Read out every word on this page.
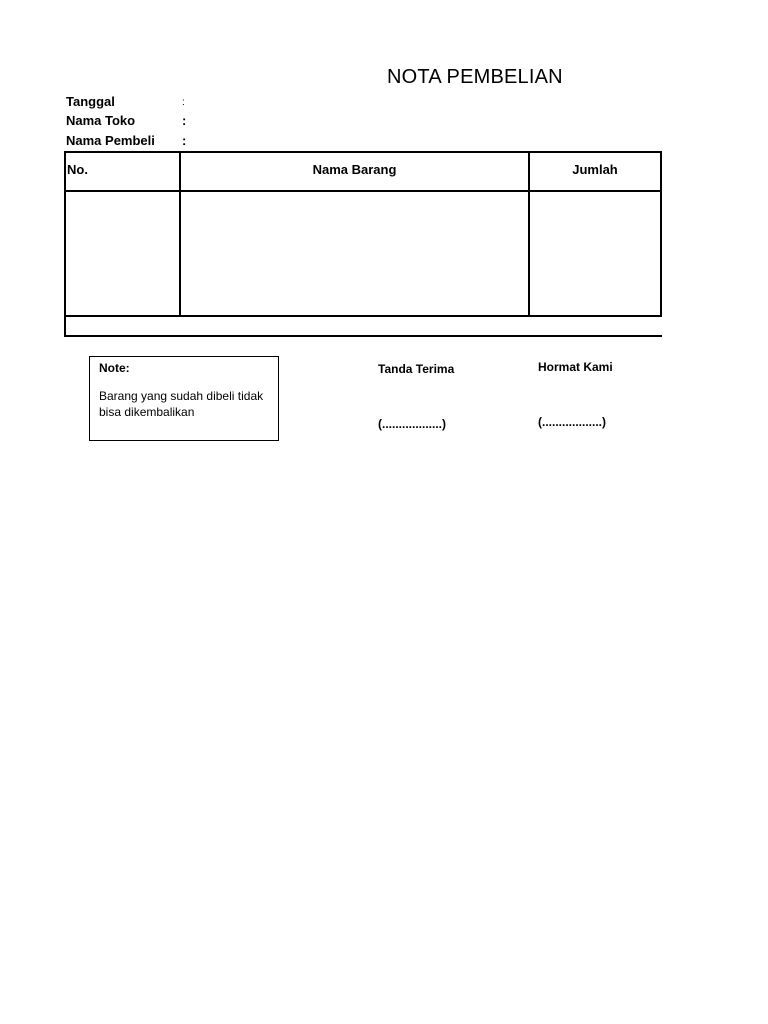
NOTA PEMBELIAN
Tanggal	:
Nama Toko	:
Nama Pembeli :
No.	Nama Barang	Jumlah
Note:
Barang yang sudah dibeli tidak bisa dikembalikan
Tanda Terima
(..................)
Hormat Kami
(..................)
